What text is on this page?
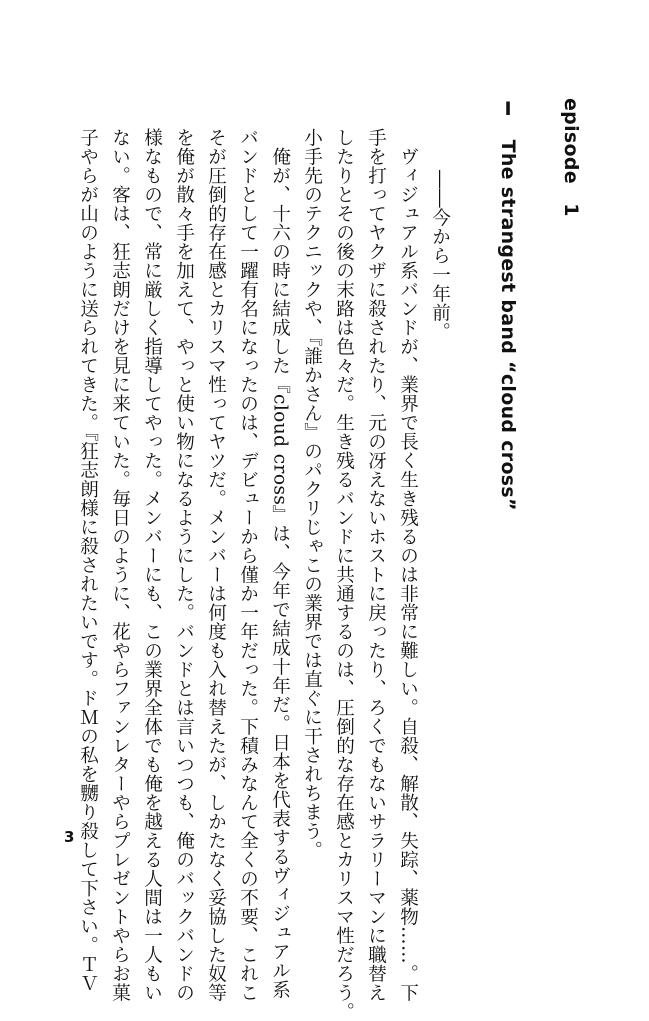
episode　1
Ⅰ　The strangest band “cloud cross”
――今から一年前。
　ヴィジュアル系バンドが、業界で長く生き残るのは非常に難しい。自殺、解散、失踪、薬物……。下
手を打ってヤクザに殺されたり、元の冴えないホストに戻ったり、ろくでもないサラリーマンに職替え
したりとその後の末路は色々だ。生き残るバンドに共通するのは、圧倒的な存在感とカリスマ性だろう。
小手先のテクニックや、『誰かさん』のパクリじゃこの業界では直ぐに干されちまう。
　俺が、十六の時に結成した『cloud cross』は、今年で結成十年だ。日本を代表するヴィジュアル系
バンドとして一躍有名になったのは、デビューから僅か一年だった。下積みなんて全くの不要、これこ
そが圧倒的存在感とカリスマ性ってヤツだ。メンバーは何度も入れ替えたが、しかたなく妥協した奴等
を俺が散々手を加えて、やっと使い物になるようにした。バンドとは言いつつも、俺のバックバンドの
様なもので、常に厳しく指導してやった。メンバーにも、この業界全体でも俺を越える人間は一人もい
ない。客は、狂志朗だけを見に来ていた。毎日のように、花やらファンレターやらプレゼントやらお菓
子やらが山のように送られてきた。『狂志朗様に殺されたいです。ドＭの私を嬲り殺して下さい。ＴＶ
3
